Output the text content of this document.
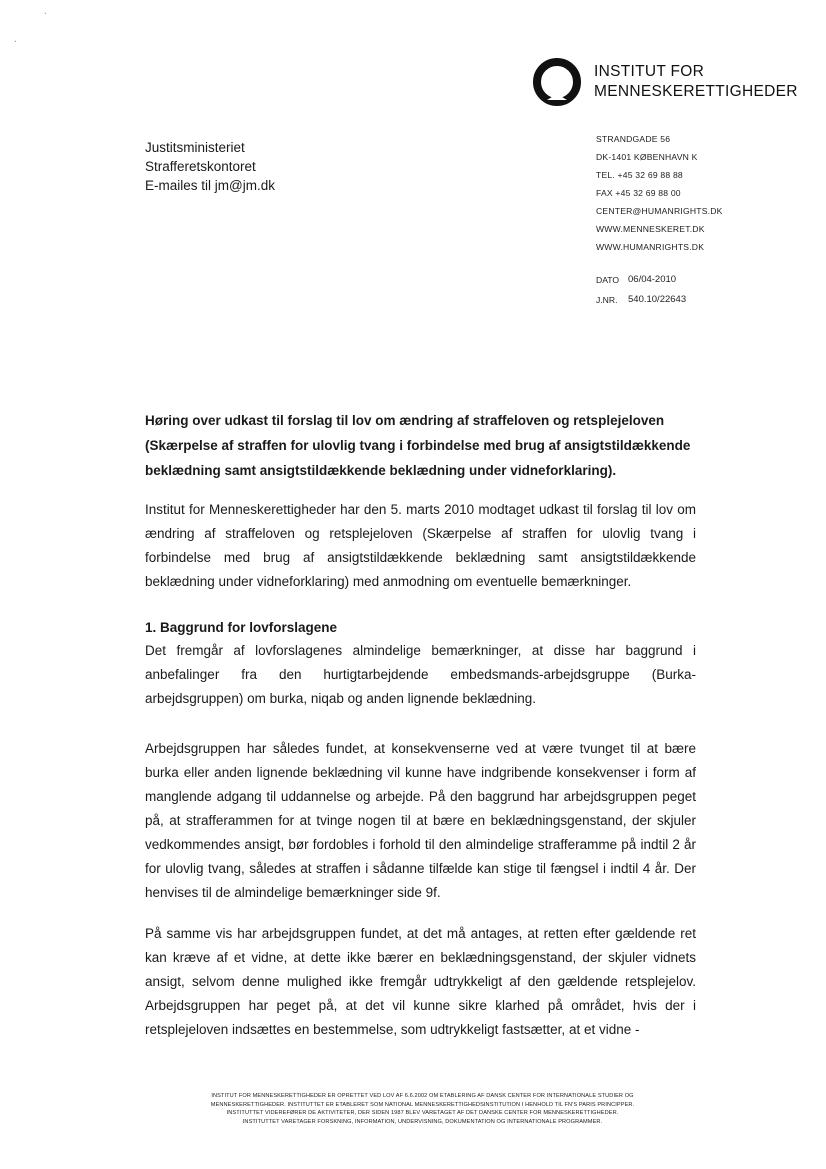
`
`
INSTITUT FOR
MENNESKERETTIGHEDER
Justitsministeriet
Strafferetskontoret
E-mailes til jm@jm.dk
STRANDGADE 56
DK-1401 KØBENHAVN K
TEL. +45 32 69 88 88
FAX +45 32 69 88 00
CENTER@HUMANRIGHTS.DK
WWW.MENNESKERET.DK
WWW.HUMANRIGHTS.DK
DATO 06/04-2010
J.NR.	540.10/22643

Høring over udkast til forslag til lov om ændring af straffeloven og retsplejeloven (Skærpelse af straffen for ulovlig tvang i forbindelse med brug af ansigtstildækkende beklædning samt ansigtstildækkende beklædning under vidneforklaring).

Institut for Menneskerettigheder har den 5. marts 2010 modtaget udkast til forslag til lov om ændring af straffeloven og retsplejeloven (Skærpelse af straffen for ulovlig tvang i forbindelse med brug af ansigtstildækkende beklædning samt ansigtstildækkende beklædning under vidneforklaring) med anmodning om eventuelle bemærkninger.

1. Baggrund for lovforslagene

Det fremgår af lovforslagenes almindelige bemærkninger, at disse har baggrund i anbefalinger fra den hurtigtarbejdende embedsmands-arbejdsgruppe (Burka-arbejdsgruppen) om burka, niqab og anden lignende beklædning.

Arbejdsgruppen har således fundet, at konsekvenserne ved at være tvunget til at bære burka eller anden lignende beklædning vil kunne have indgribende konsekvenser i form af manglende adgang til uddannelse og arbejde. På den baggrund har arbejdsgruppen peget på, at strafferammen for at tvinge nogen til at bære en beklædningsgenstand, der skjuler vedkommendes ansigt, bør fordobles i forhold til den almindelige strafferamme på indtil 2 år for ulovlig tvang, således at straffen i sådanne tilfælde kan stige til fængsel i indtil 4 år. Der henvises til de almindelige bemærkninger side 9f.

På samme vis har arbejdsgruppen fundet, at det må antages, at retten efter gældende ret kan kræve af et vidne, at dette ikke bærer en beklædningsgenstand, der skjuler vidnets ansigt, selvom denne mulighed ikke fremgår udtrykkeligt af den gældende retsplejelov. Arbejdsgruppen har peget på, at det vil kunne sikre klarhed på området, hvis der i retsplejeloven indsættes en bestemmelse, som udtrykkeligt fastsætter, at et vidne -

INSTITUT FOR MENNESKERETTIGHEDER ER OPRETTET VED LOV AF 6.6.2002 OM ETABLERING AF DANSK CENTER FOR INTERNATIONALE STUDIER OG
MENNESKERETTIGHEDER. INSTITUTTET ER ETABLERET SOM NATIONAL MENNESKERETTIGHEDSINSTITUTION I HENHOLD TIL FN'S PARIS PRINCIPPER.
INSTITUTTET VIDEREFØRER DE AKTIVITETER, DER SIDEN 1987 BLEV VARETAGET AF DET DANSKE CENTER FOR MENNESKERETTIGHEDER.
INSTITUTTET VARETAGER FORSKNING, INFORMATION, UNDERVISNING, DOKUMENTATION OG INTERNATIONALE PROGRAMMER.
